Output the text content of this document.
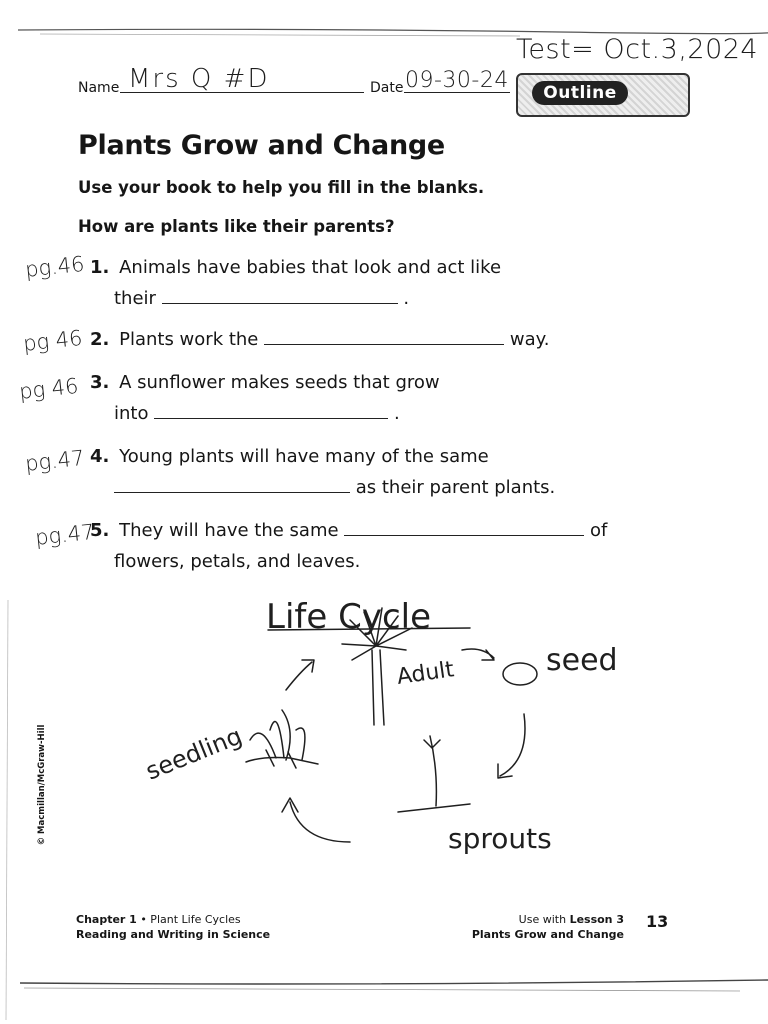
Name Mrs Q #D	Date 09-30-24
Test= Oct.3,2024
Outline
Plants Grow and Change
Use your book to help you fill in the blanks.
How are plants like their parents?
pg.46 1. Animals have babies that look and act like
their	.
pg 46 2. Plants work the	way.
pg 46 3. A sunflower makes seeds that grow
into	.
pg.47 4. Young plants will have many of the same
as their parent plants.
pg.47
5. They will have the same	of
flowers, petals, and leaves.
Life Cycle
Adult	seed
sprouts
seedling
© Macmillan/McGraw-Hill
Chapter 1 • Plant Life Cycles
Reading and Writing in Science
Use with Lesson 3
Plants Grow and Change
13
